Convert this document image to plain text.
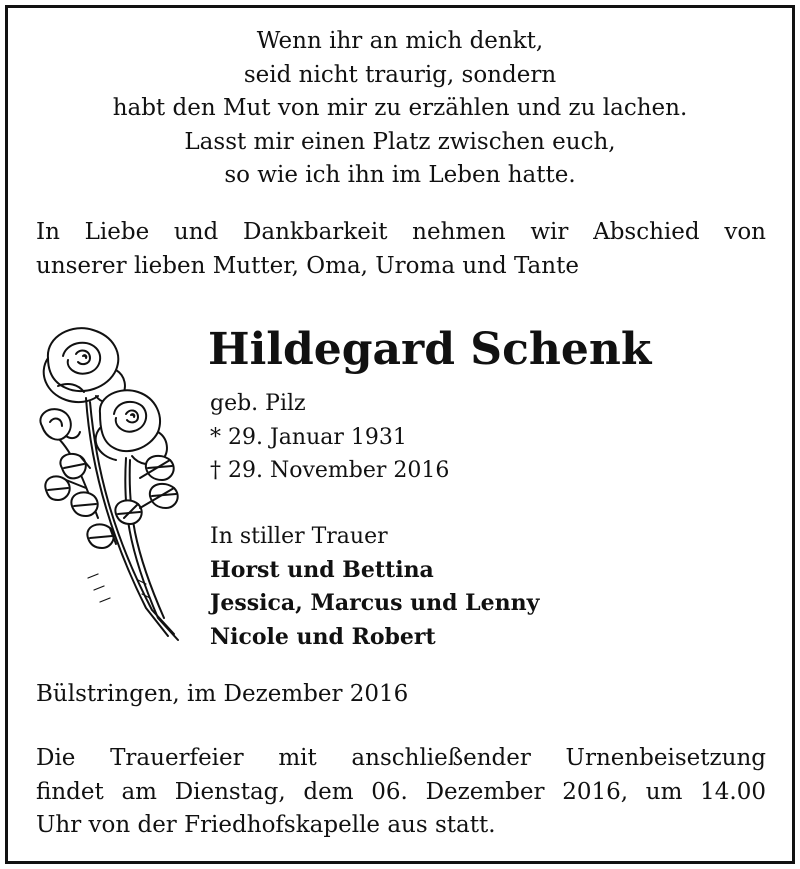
Wenn ihr an mich denkt,
seid nicht traurig, sondern
habt den Mut von mir zu erzählen und zu lachen.
Lasst mir einen Platz zwischen euch,
so wie ich ihn im Leben hatte.
In Liebe und Dankbarkeit nehmen wir Abschied von
unserer lieben Mutter, Oma, Uroma und Tante
Hildegard Schenk
geb. Pilz
* 29. Januar 1931
† 29. November 2016
In stiller Trauer
Horst und Bettina
Jessica, Marcus und Lenny
Nicole und Robert
Bülstringen, im Dezember 2016
Die Trauerfeier mit anschließender Urnenbeisetzung
findet am Dienstag, dem 06. Dezember 2016, um 14.00
Uhr von der Friedhofskapelle aus statt.
